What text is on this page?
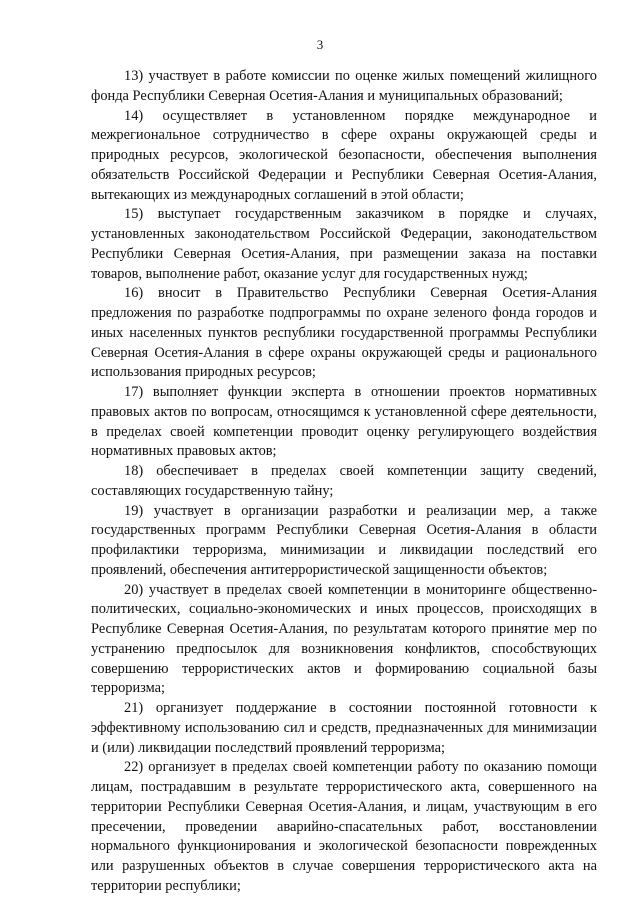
3

13) участвует в работе комиссии по оценке жилых помещений жилищного фонда Республики Северная Осетия-Алания и муниципальных образований;

14) осуществляет в установленном порядке международное и межрегиональное сотрудничество в сфере охраны окружающей среды и природных ресурсов, экологической безопасности, обеспечения выполнения обязательств Российской Федерации и Республики Северная Осетия-Алания, вытекающих из международных соглашений в этой области;

15) выступает государственным заказчиком в порядке и случаях, установленных законодательством Российской Федерации, законодательством Республики Северная Осетия-Алания, при размещении заказа на поставки товаров, выполнение работ, оказание услуг для государственных нужд;

16) вносит в Правительство Республики Северная Осетия-Алания предложения по разработке подпрограммы по охране зеленого фонда городов и иных населенных пунктов республики государственной программы Республики Северная Осетия-Алания в сфере охраны окружающей среды и рационального использования природных ресурсов;

17) выполняет функции эксперта в отношении проектов нормативных правовых актов по вопросам, относящимся к установленной сфере деятельности, в пределах своей компетенции проводит оценку регулирующего воздействия нормативных правовых актов;

18) обеспечивает в пределах своей компетенции защиту сведений, составляющих государственную тайну;

19) участвует в организации разработки и реализации мер, а также государственных программ Республики Северная Осетия-Алания в области профилактики терроризма, минимизации и ликвидации последствий его проявлений, обеспечения антитеррористической защищенности объектов;

20) участвует в пределах своей компетенции в мониторинге общественно-политических, социально-экономических и иных процессов, происходящих в Республике Северная Осетия-Алания, по результатам которого принятие мер по устранению предпосылок для возникновения конфликтов, способствующих совершению террористических актов и формированию социальной базы терроризма;

21) организует поддержание в состоянии постоянной готовности к эффективному использованию сил и средств, предназначенных для минимизации и (или) ликвидации последствий проявлений терроризма;

22) организует в пределах своей компетенции работу по оказанию помощи лицам, пострадавшим в результате террористического акта, совершенного на территории Республики Северная Осетия-Алания, и лицам, участвующим в его пресечении, проведении аварийно-спасательных работ, восстановлении нормального функционирования и экологической безопасности поврежденных или разрушенных объектов в случае совершения террористического акта на территории республики;
